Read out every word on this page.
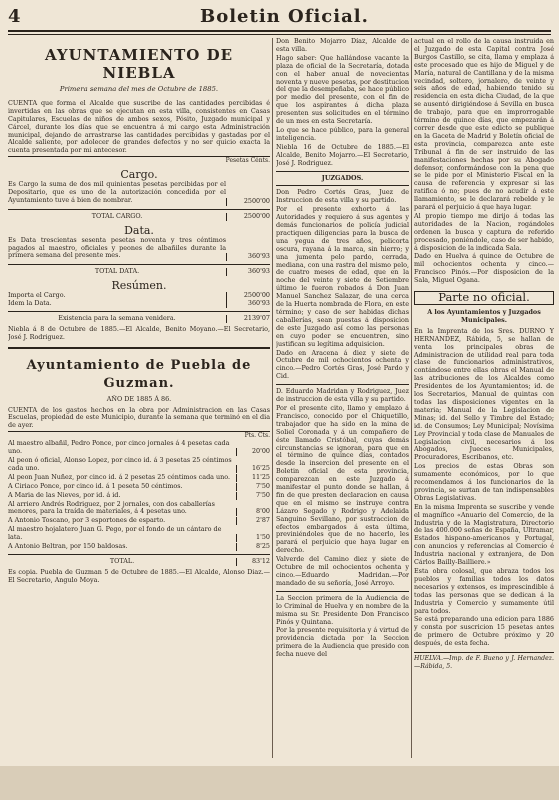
4	Boletin Oficial.
AYUNTAMIENTO DE NIEBLA
Primera semana del mes de Octubre de 1885.

CUENTA que forma el Alcalde que suscribe de las cantidades percibidas é invertidas en las obras que se ejecutan en esta villa, consistentes en Casas Capitulares, Escuelas de niños de ambos sexos, Pósito, Juzgado municipal y Cárcel, durante los días que se encuentra á mi cargo esta Administración municipal, dejando de arrastrarse las cantidades percibidas y gastadas por el Alcalde saliente, por adolecer de grandes defectos y no ser quicio exacta la cuenta presentada por mi antecesor.

Pesetas Cénts.
Cargo.

Es Cargo la suma de dos mil quinientas pesetas percibidas por el Depositario, que es uno de la autorización concedida por el Ayuntamiento tuve á bien de nombrar.	2500'00
TOTAL CARGO.	2500'00
Data.

Es Data trescientas sesenta pesetas noventa y tres céntimos pagados al maestro, oficiales y peones de albañiles durante la primera semana del presente mes.	360'93
TOTAL DATA.	360'93
Resúmen.
Importa el Cargo.	2500'00
Idem la Data.	360'93
Existencia para la semana venidera.	2139'07

Niebla á 8 de Octubre de 1885.—El Alcalde, Benito Moyano.—El Secretario, José J. Rodriguez.

Ayuntamiento de Puebla de Guzman.
AÑO DE 1885 Á 86.

CUENTA de los gastos hechos en la obra por Administracion en las Casas Escuelas, propiedad de este Municipio, durante la semana que terminó en el dia de ayer.

Pts. Cts.
Al maestro albañil, Pedro Ponce, por cinco jornales á 4 pesetas cada uno.	20'00
Al peon ó oficial, Alonso Lopez, por cinco id. á 3 pesetas 25 céntimos cada uno.	16'25
Al peon Juan Nuñez, por cinco id. á 2 pesetas 25 céntimos cada uno.	11'25
A Ciriaco Ponce, por cinco id. á 1 peseta 50 céntimos.	7'50
A Maria de las Nieves, por id. á id.	7'50
Al arriero Andrés Rodriguez, por 2 jornales, con dos caballerías menores, para la traída de materiales, á 4 pesetas uno.	8'00
A Antonio Toscano, por 3 esportones de esparto.	2'87
Al maestro hojalatero Juan G. Pego, por el fondo de un cántaro de lata.	1'50
A Antonio Beltran, por 150 baldosas.	8'25
TOTAL.	83'12

Es copia. Puebla de Guzman 5 de Octubre de 1885.—El Alcalde, Alonso Diaz.—El Secretario, Angulo Moya.

Don Benito Mojarro Díaz, Alcalde de esta villa.

Hago saber: Que hallándose vacante la plaza de oficial de la Secretaría, dotada con el haber anual de novecientas noventa y nueve pesetas, por destitucion del que la desempeñaba, se hace público por medio del presente, con el fin de que los aspirantes á dicha plaza presenten sus solicitudes en el término de un mes en esta Secretaría.

Lo que se hace público, para la general inteligencia.

Niebla 16 de Octubre de 1885.—El Alcalde, Benito Mojarro.—El Secretario, José J. Rodriguez.

JUZGADOS.

Don Pedro Cortés Gras, Juez de Instruccion de esta villa y su partido.

Por el presente exhorto á las Autoridades y requiero á sus agentes y demás funcionarios de policía judicial practiquen diligencias para la busca de una yegua de tres años, pelicorta oscura, rayana á la marca, sin hierro; y una jumenta pelo pardo, cerrada, mediana, con una rastra del mismo pelo, de cuatro meses de edad, que en la noche del veinte y siete de Setiembre último le fueron robados á Don Juan Manuel Sanchez Salazar, de una cerca de la Huerta nombrada de Flora, en este término; y caso de ser habidas dichas caballerías, sean puestas á disposicion de este Juzgado así como las personas en cuyo poder se encuentren, sino justifican su legítima adquisicion.

Dado en Aracena á diez y siete de Octubre de mil ochocientos ochenta y cinco.—Pedro Cortés Gras, José Pardo y Cid.

D. Eduardo Madridan y Rodriguez, Juez de instruccion de esta villa y su partido.

Por el presente cito, llamo y emplazo á Francisco, conocido por el Chiquetillo, trabajador que ha sido en la mina de Soliel Coronada y á un compañero de éste llamado Cristóbal, cuyas demás circunstancias se ignoran, para que en el término de quince días, contados desde la insercion del presente en el Boletin oficial de esta provincia, comparezcan en este Juzgado á manifestar el punto donde se hallan, á fin de que presten declaracion en causa que en el mismo se instruye contra Lázaro Segado y Rodrigo y Adelaida Sanguino Sevillano, por sustraccion de efectos embargados á esta última, previniéndoles que de no hacerlo, les parará el perjuicio que haya lugar en derecho.

Valverde del Camino diez y siete de Octubre de mil ochocientos ochenta y cinco.—Eduardo Madridan.—Por mandado de su señoría, José Arroyo.

La Seccion primera de la Audiencia de lo Criminal de Huelva y en nombre de la misma su Sr. Presidente Don Francisco Pinós y Quintana.

Por la presente requisitoria y á virtud de providencia dictada por la Seccion primera de la Audiencia que presido con fecha nueve del

actual en el rollo de la causa instruida en el Juzgado de esta Capital contra José Burgos Castillo, se cita, llama y emplaza á este procesado que es hijo de Miguel y de María, natural de Cantillana y de la misma vecindad, soltero, jornalero, de veinte y seis años de edad, habiendo tenido su residencia en esta dicha Ciudad, de la que se ausentó dirigiéndose á Sevilla en busca de trabajo, para que en improrrogable término de quince días, que empezarán á correr desde que este edicto se publique en la Gaceta de Madrid y Boletín oficial de esta provincia, comparezca ante este Tribunal á fin de ser instruido de las manifestaciones hechas por su Abogado defensor, conformándose con la pena que se le pide por el Ministerio Fiscal en la causa de referencia y expresar si las ratifica ó no; pues de no acudir á este llamamiento, se le declarará rebelde y le parará el perjuicio á que haya lugar.

Al propio tiempo me dirijo á todas las autoridades de la Nacion, rogándoles ordenen la busca y captura de referido procesado, poniéndole, caso de ser habido, á disposicion de la indicada Sala.

Dado en Huelva á quince de Octubre de mil ochocientos ochenta y cinco.—Francisco Pinós.—Por disposicion de la Sala, Miguel Ogana.

Parte no oficial.
A los Ayuntamientos y Juzgados Municipales.

En la Imprenta de los Sres. DURNO Y HERNANDEZ, Rábida, 5, se hallan de venta los principales obras de Administracion de utilidad real para toda clase de funcionarios administrativos, contándose entre ellas obras el Manual de las atribuciones de los Alcaldes como Presidentes de los Ayuntamientos; id. de los Secretarios, Manual de quintas con todas las disposiciones vigentes en la materia; Manual de la Legislacion de Minas; id. del Sello y Timbre del Estado; id. de Consumos; Ley Municipal; Novísima Ley Provincial y toda clase de Manuales de Legislacion civil, necesarios á los Abogados, Jueces Municipales, Procuradores, Escribanos, etc.

Los precios de estas Obras son sumamente económicos, por lo que recomendamos á los funcionarios de la provincia, se surtan de tan indispensables Obras Legislativas.

En la misma Imprenta se suscribe y vende el magnífico «Anuario del Comercio, de la Industria y de la Magistratura, Directorio de las 400.000 señas de España, Ultramar, Estados hispano-americanos y Portugal, con anuncios y referencias al Comercio é Industria nacional y extranjera, de Don Cárlos Bailly-Bailliere.»

Esta obra colosal, que abraza todos los pueblos y familias todos los datos necesarios y extensos, es imprescindible á todas las personas que se dedican á la Industria y Comercio y sumamente útil para todos.

Se está preparando una edicion para 1886 y consta por suscricion 15 pesetas antes de primero de Octubre próximo y 20 después, de esta fecha.

HUELVA.—Imp. de F. Bueno y J. Hernandez.—Rábida, 5.
